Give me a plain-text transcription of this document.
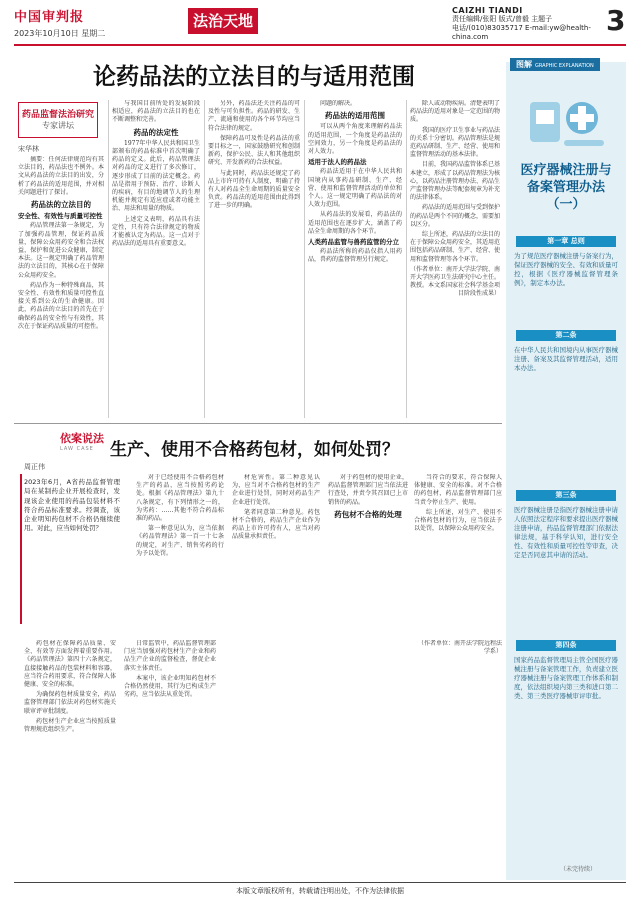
中国审判报
2023年10月10日 星期二
法治天地
CAIZHI TIANDI
责任编辑/张阳 版式/曾毅 主题子
电话/(010)83035717 E-mail:yw@health-china.com	3
论药品法的立法目的与适用范围
药品监督法治研究
专家讲坛
宋华林

摘要：任何法律规范均有其立法目的，药品法也不例外。本文从药品法的立法目的出发，分析了药品法的适用范围，并对相关问题进行了探讨。

药品法的立法目的
安全性、有效性与质量可控性

药品管理法第一条规定，为了加强药品管理，保证药品质量，保障公众用药安全和合法权益，保护和促进公众健康，制定本法。这一规定明确了药品管理法的立法目的，其核心在于保障公众用药安全。

药品作为一种特殊商品，其安全性、有效性和质量可控性直接关系到公众的生命健康。因此，药品法的立法目的首先在于确保药品的安全性与有效性，其次在于保证药品质量的可控性。

与我国目前所处的发展阶段相适应，药品法的立法目的也在不断调整和完善。

药品的法定性

1977年中华人民共和国卫生部颁布的药品标准中首次明确了药品的定义。此后，药品管理法对药品的定义进行了多次修订，逐步形成了目前的法定概念。药品是指用于预防、治疗、诊断人的疾病，有目的地调节人的生理机能并规定有适应症或者功能主治、用法和用量的物质。

上述定义表明，药品具有法定性，只有符合法律规定的物质才能被认定为药品。这一点对于药品法的适用具有重要意义。

另外，药品法还关注药品的可及性与可负担性。药品的研发、生产、流通和使用的各个环节均应当符合法律的规定。

保障药品可及性是药品法的重要目标之一，国家鼓励研究和创制新药，保护公民、法人和其他组织研究、开发新药的合法权益。

与此同时，药品法还规定了药品上市许可持有人制度，明确了持有人对药品全生命周期的质量安全负责。药品法的适用范围由此得到了进一步的明确。

问题的解决。

药品法的适用范围

可以从两个角度来理解药品法的适用范围，一个角度是药品法的空间效力，另一个角度是药品法的对人效力。

适用于法人的药品法

药品法适用于在中华人民共和国境内从事药品研制、生产、经营、使用和监督管理活动的单位和个人。这一规定明确了药品法的对人效力范围。

从药品法的发展看，药品法的适用范围也在逐步扩大，涵盖了药品全生命周期的各个环节。

人类药品监管与兽药监管的分立

药品法所称的药品仅指人用药品，兽药的监督管理另行规定。

除人或动物疾病。清楚表明了药品法的适用对象是一定范围的物质。

我国的医疗卫生事业与药品法的关系十分密切。药品管理法是规范药品研制、生产、经营、使用和监督管理活动的基本法律。

目前，我国药品监管体系已基本建立，形成了以药品管理法为核心，以药品注册管理办法、药品生产监督管理办法等配套规章为补充的法律体系。

药品法的适用范围与受到保护的药品是两个不同的概念，需要加以区分。

综上所述，药品法的立法目的在于保障公众用药安全，其适用范围包括药品研制、生产、经营、使用和监督管理等各个环节。

（作者单位：南开大学法学院、南开大学医药卫生法研究中心主任。教授。本文系国家社会科学基金项目阶段性成果）
图解 GRAPHIC EXPLANATION
医疗器械注册与备案管理办法（一）
第一章 总则
为了规范医疗器械注册与备案行为，保证医疗器械的安全、有效和质量可控，根据《医疗器械监督管理条例》，制定本办法。
第二条
在中华人民共和国境内从事医疗器械注册、备案及其监督管理活动，适用本办法。
第三条
医疗器械注册是指医疗器械注册申请人依照法定程序和要求提出医疗器械注册申请，药品监督管理部门依据法律法规，基于科学认知，进行安全性、有效性和质量可控性等审查，决定是否同意其申请的活动。
第四条
国家药品监督管理局主管全国医疗器械注册与备案管理工作，负责建立医疗器械注册与备案管理工作体系和制度，依法组织境内第三类和进口第二类、第三类医疗器械审评审批。
（未完待续）
依案说法
LAW CASE 生产、使用不合格药包材，如何处罚？
周正伟
2023年6月，A省药品监督管理局在某制药企业开展检查时，发现该企业使用的药品包装材料不符合药品标准要求。经调查，该企业明知药包材不合格仍继续使用。对此，应当如何处罚？

对于已经使用不合格药包材生产的药品，应当按照劣药论处。根据《药品管理法》第九十八条规定，有下列情形之一的，为劣药：……其他不符合药品标准的药品。

第一种意见认为，应当依据《药品管理法》第一百一十七条的规定，对生产、销售劣药的行为予以处罚。

材危害性。第二种意见认为，应当对不合格药包材的生产企业进行处罚，同时对药品生产企业进行处罚。

笔者同意第二种意见。药包材不合格的，药品生产企业作为药品上市许可持有人，应当对药品质量承担责任。

对于药包材的使用企业，药品监督管理部门应当依法进行查处，并责令其召回已上市销售的药品。

药包材不合格的处理

当符合的要求，符合保障人体健康、安全的标准。对不合格的药包材，药品监督管理部门应当责令停止生产、使用。

综上所述，对生产、使用不合格药包材的行为，应当依法予以处罚，以保障公众用药安全。

药包材在保障药品质量、安全、有效等方面发挥着重要作用。《药品管理法》第四十六条规定，直接接触药品的包装材料和容器，应当符合药用要求，符合保障人体健康、安全的标准。

为确保药包材质量安全，药品监督管理部门依法对药包材实施关联审评审批制度。

药包材生产企业应当按照质量管理规范组织生产。

日常监管中，药品监督管理部门应当加强对药包材生产企业和药品生产企业的监督检查，督促企业落实主体责任。

本案中，该企业明知药包材不合格仍然使用，其行为已构成生产劣药，应当依法从重处罚。

（作者单位：南开法学院远程法学系）
本版文章版权所有，转载请注明出处，不作为法律依据
